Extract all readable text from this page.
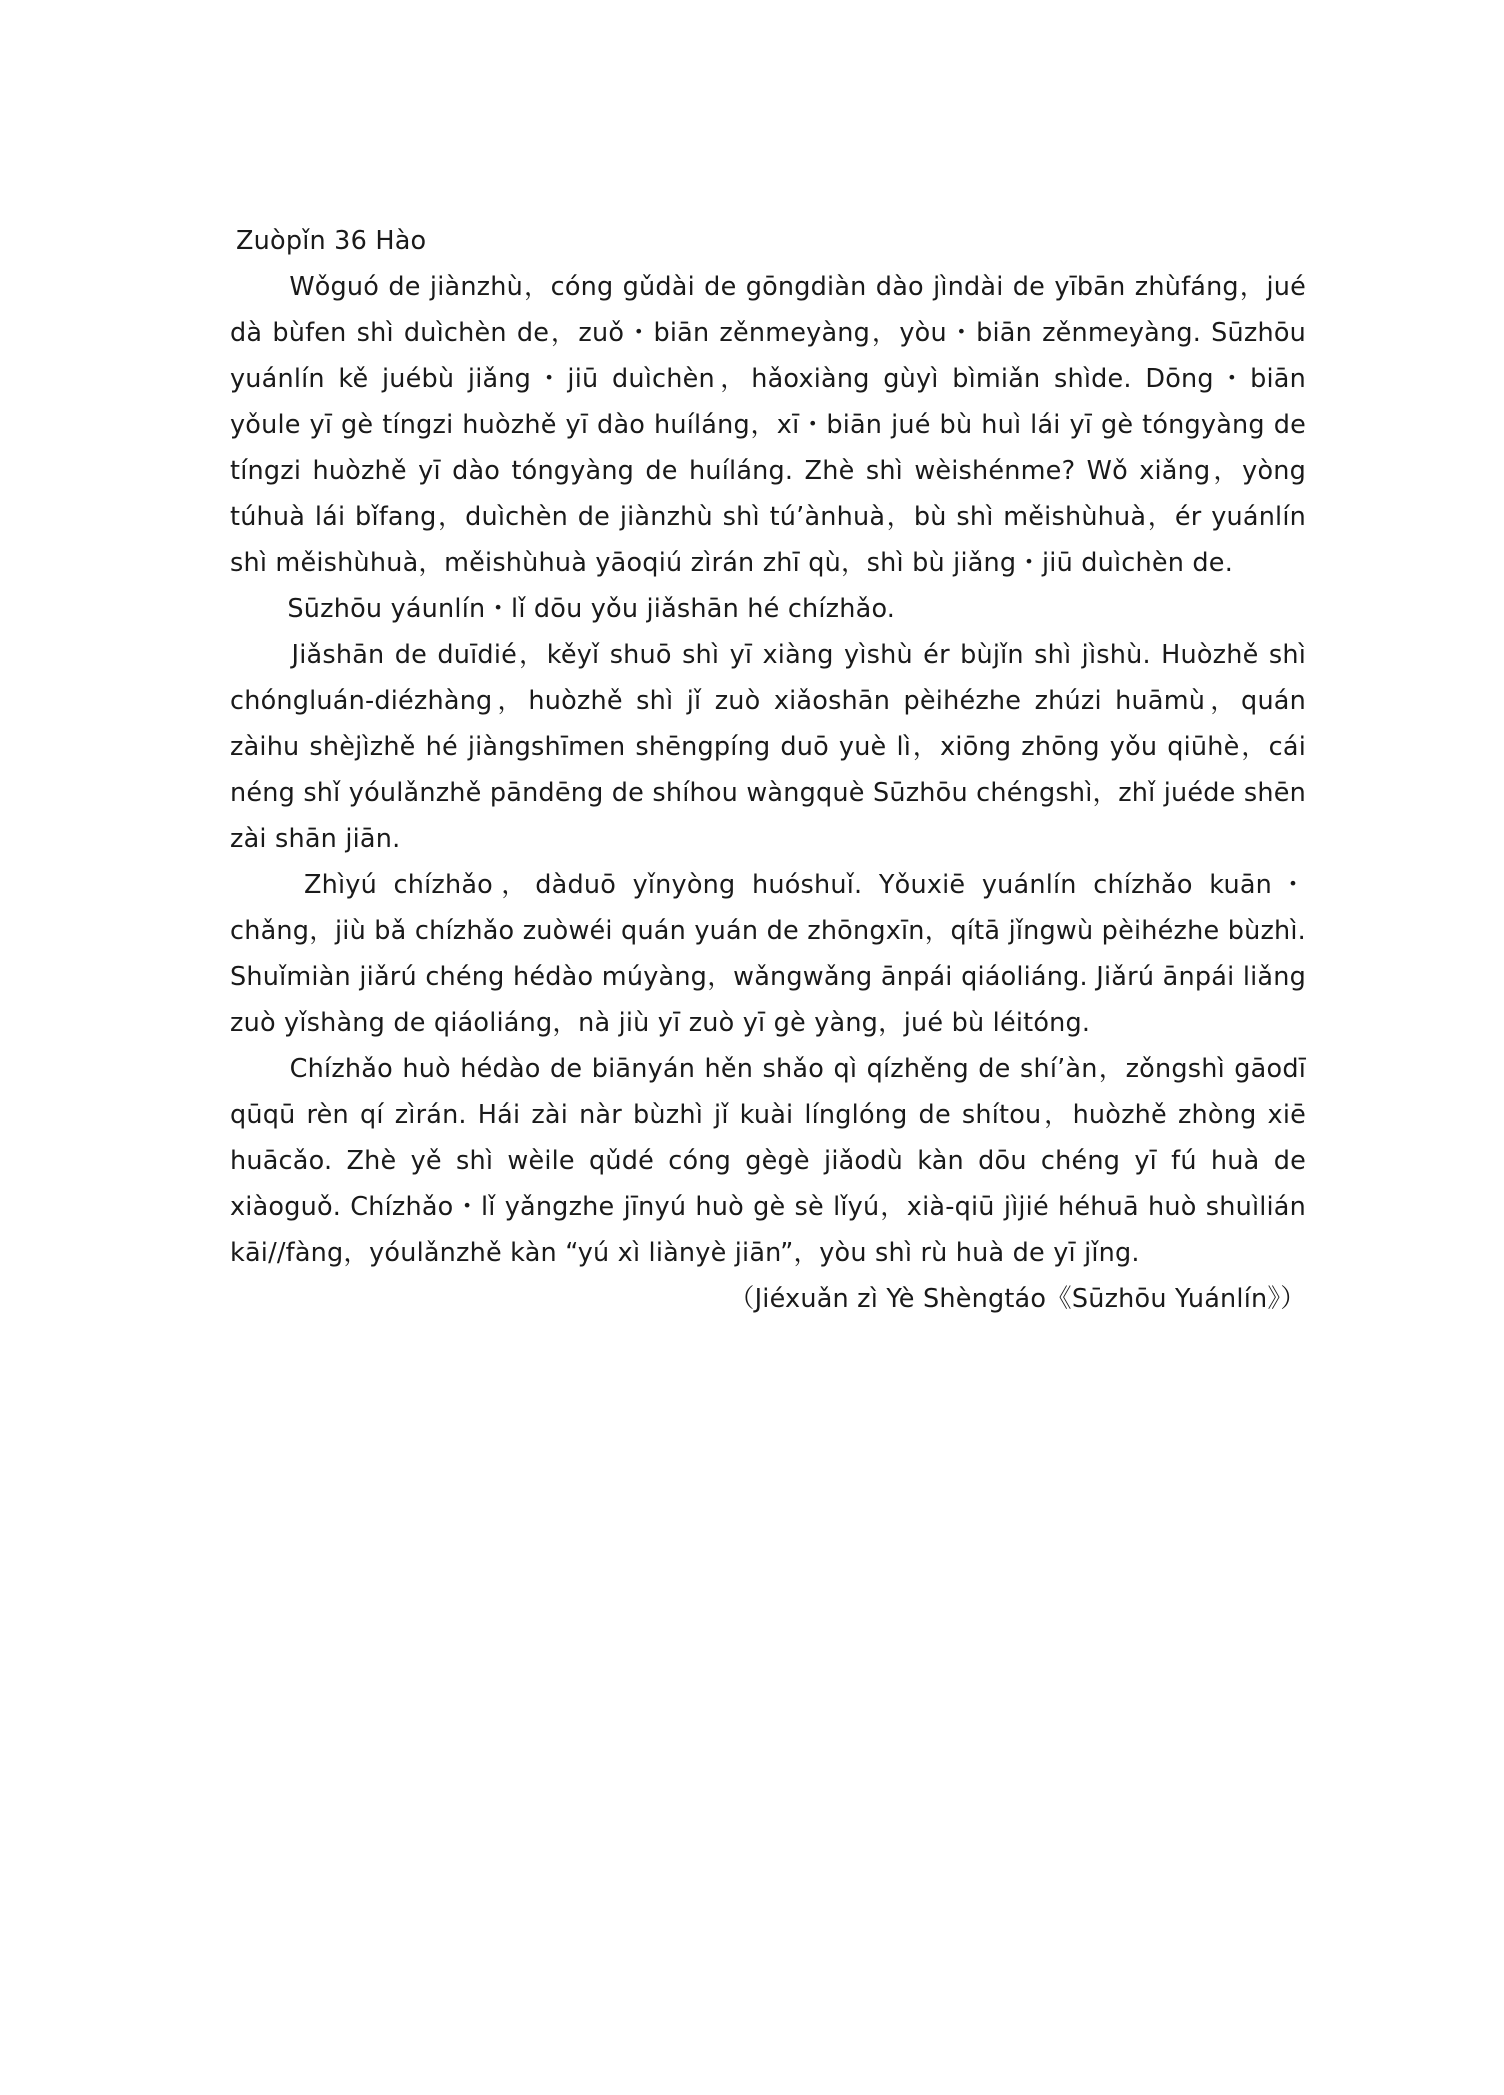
Zuòpǐn 36 Hào

　　Wǒguó de jiànzhù，cóng gǔdài de gōngdiàn dào jìndài de yībān zhùfáng，jué dà bùfen shì duìchèn de，zuǒ・biān zěnmeyàng，yòu・biān zěnmeyàng. Sūzhōu yuánlín kě juébù jiǎng・jiū duìchèn，hǎoxiàng gùyì bìmiǎn shìde. Dōng・biān yǒule yī gè tíngzi huòzhě yī dào huíláng，xī・biān jué bù huì lái yī gè tóngyàng de tíngzi huòzhě yī dào tóngyàng de huíláng. Zhè shì wèishénme? Wǒ xiǎng，yòng túhuà lái bǐfang，duìchèn de jiànzhù shì tú’ànhuà，bù shì měishùhuà，ér yuánlín shì měishùhuà，měishùhuà yāoqiú zìrán zhī qù，shì bù jiǎng・jiū duìchèn de.

　　Sūzhōu yáunlín・lǐ dōu yǒu jiǎshān hé chízhǎo.

　　Jiǎshān de duīdié，kěyǐ shuō shì yī xiàng yìshù ér bùjǐn shì jìshù. Huòzhě shì chóngluán-diézhàng，huòzhě shì jǐ zuò xiǎoshān pèihézhe zhúzi huāmù，quán zàihu shèjìzhě hé jiàngshīmen shēngpíng duō yuè lì，xiōng zhōng yǒu qiūhè，cái néng shǐ yóulǎnzhě pāndēng de shíhou wàngquè Sūzhōu chéngshì，zhǐ juéde shēn zài shān jiān.

　　Zhìyú chízhǎo，dàduō yǐnyòng huóshuǐ. Yǒuxiē yuánlín chízhǎo kuān・chǎng，jiù bǎ chízhǎo zuòwéi quán yuán de zhōngxīn，qítā jǐngwù pèihézhe bùzhì. Shuǐmiàn jiǎrú chéng hédào múyàng，wǎngwǎng ānpái qiáoliáng. Jiǎrú ānpái liǎng zuò yǐshàng de qiáoliáng，nà jiù yī zuò yī gè yàng，jué bù léitóng.

　　Chízhǎo huò hédào de biānyán hěn shǎo qì qízhěng de shí’àn，zǒngshì gāodī qūqū rèn qí zìrán. Hái zài nàr bùzhì jǐ kuài línglóng de shítou，huòzhě zhòng xiē huācǎo. Zhè yě shì wèile qǔdé cóng gègè jiǎodù kàn dōu chéng yī fú huà de xiàoguǒ. Chízhǎo・lǐ yǎngzhe jīnyú huò gè sè lǐyú，xià-qiū jìjié héhuā huò shuìlián kāi//fàng，yóulǎnzhě kàn “yú xì liànyè jiān”，yòu shì rù huà de yī jǐng.

（Jiéxuǎn zì Yè Shèngtáo《Sūzhōu Yuánlín》）
